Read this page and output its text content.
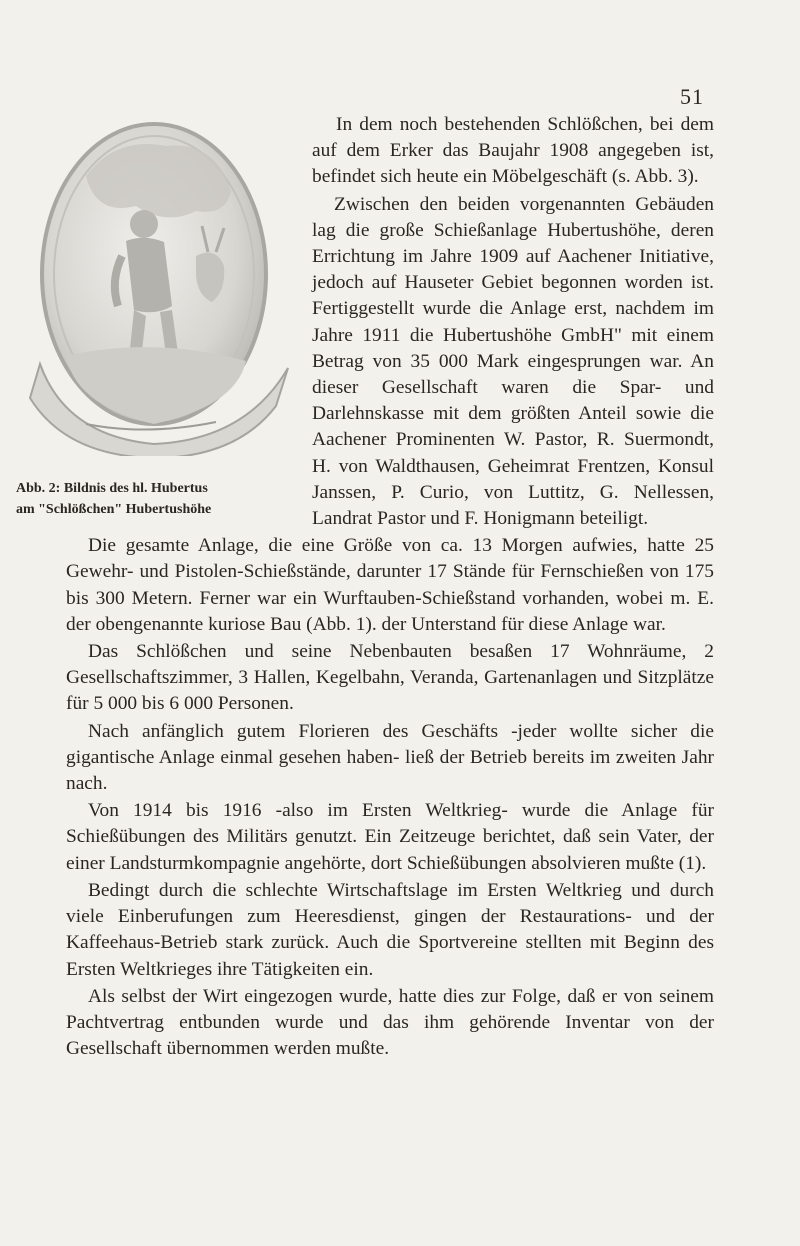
51
Abb. 2: Bildnis des hl. Hubertus
am "Schlößchen" Hubertushöhe

In dem noch bestehenden Schlößchen, bei dem auf dem Erker das Baujahr 1908 angegeben ist, befindet sich heute ein Möbelgeschäft (s. Abb. 3).

Zwischen den beiden vorgenannten Gebäuden lag die große Schießanlage Hubertushöhe, deren Errichtung im Jahre 1909 auf Aachener Initiative, jedoch auf Hauseter Gebiet begonnen worden ist. Fertiggestellt wurde die Anlage erst, nachdem im Jahre 1911 die Hubertushöhe GmbH" mit einem Betrag von 35 000 Mark eingesprungen war. An dieser Gesellschaft waren die Spar- und Darlehnskasse mit dem größten Anteil sowie die Aachener Prominenten W. Pastor, R. Suermondt, H. von Waldthausen, Geheimrat Frentzen, Konsul Janssen, P. Curio, von Luttitz, G. Nellessen, Landrat Pastor und F. Honigmann beteiligt.

Die gesamte Anlage, die eine Größe von ca. 13 Morgen aufwies, hatte 25 Gewehr- und Pistolen-Schießstände, darunter 17 Stände für Fernschießen von 175 bis 300 Metern. Ferner war ein Wurftauben-Schießstand vorhanden, wobei m. E. der obengenannte kuriose Bau (Abb. 1). der Unterstand für diese Anlage war.

Das Schlößchen und seine Nebenbauten besaßen 17 Wohnräume, 2 Gesellschaftszimmer, 3 Hallen, Kegelbahn, Veranda, Gartenanlagen und Sitzplätze für 5 000 bis 6 000 Personen.

Nach anfänglich gutem Florieren des Geschäfts -jeder wollte sicher die gigantische Anlage einmal gesehen haben- ließ der Betrieb bereits im zweiten Jahr nach.

Von 1914 bis 1916 -also im Ersten Weltkrieg- wurde die Anlage für Schießübungen des Militärs genutzt. Ein Zeitzeuge berichtet, daß sein Vater, der einer Landsturmkompagnie angehörte, dort Schießübungen absolvieren mußte (1).

Bedingt durch die schlechte Wirtschaftslage im Ersten Weltkrieg und durch viele Einberufungen zum Heeresdienst, gingen der Restaurations- und der Kaffeehaus-Betrieb stark zurück. Auch die Sportvereine stellten mit Beginn des Ersten Weltkrieges ihre Tätigkeiten ein.

Als selbst der Wirt eingezogen wurde, hatte dies zur Folge, daß er von seinem Pachtvertrag entbunden wurde und das ihm gehörende Inventar von der Gesellschaft übernommen werden mußte.
